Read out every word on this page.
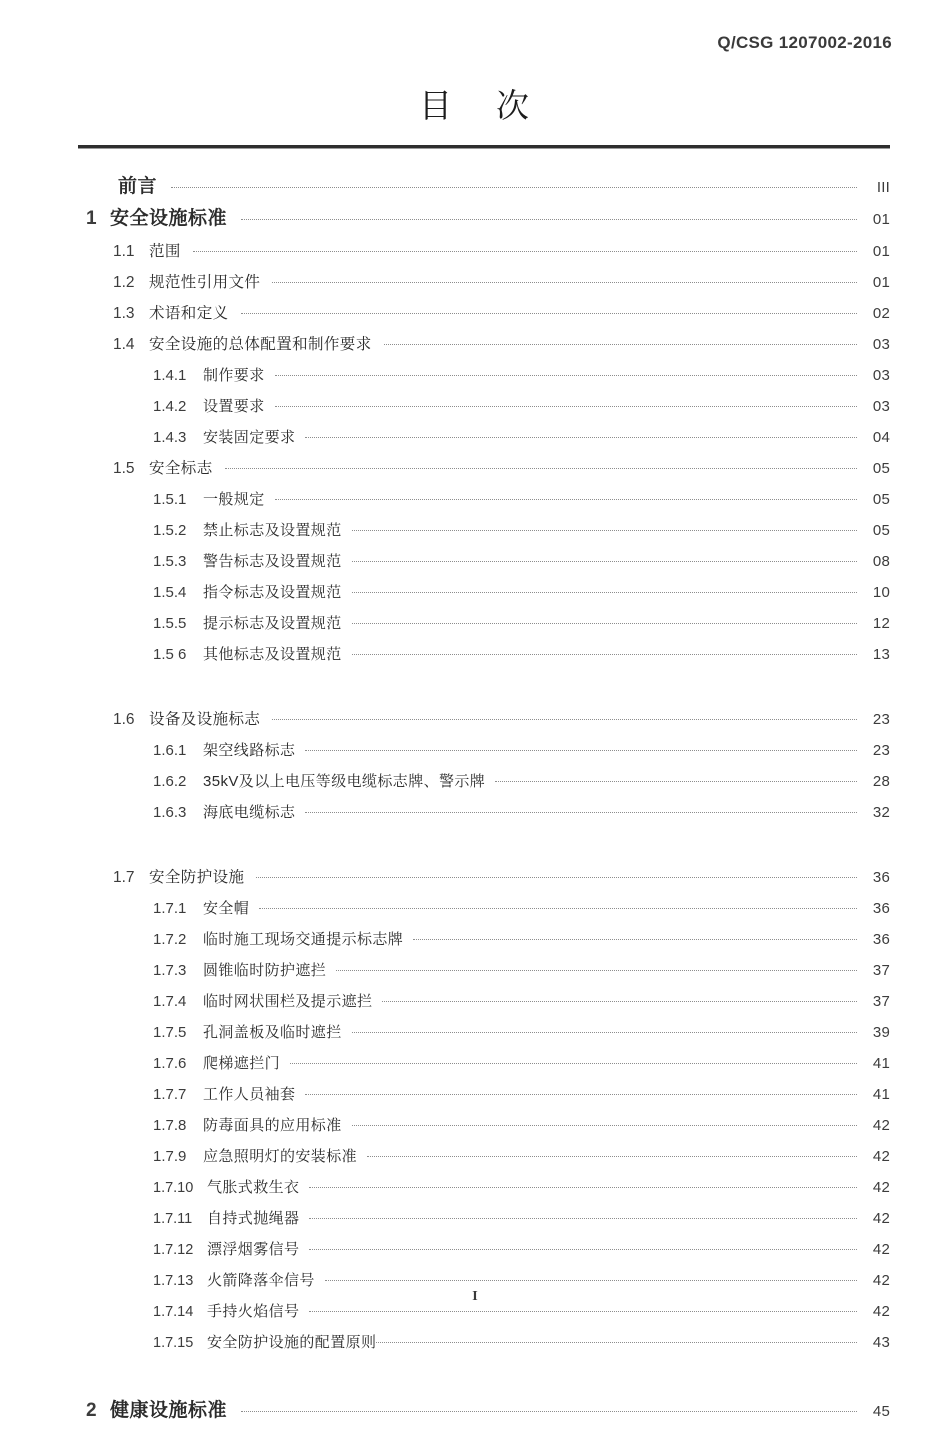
Q/CSG 1207002-2016
目 次
前言	III
1 安全设施标准	01
1.1 范围	01
1.2 规范性引用文件	01
1.3 术语和定义	02
1.4 安全设施的总体配置和制作要求	03
1.4.1	制作要求	03
1.4.2	设置要求	03
1.4.3	安装固定要求	04
1.5 安全标志	05
1.5.1	一般规定	05
1.5.2	禁止标志及设置规范	05
1.5.3	警告标志及设置规范	08
1.5.4	指令标志及设置规范	10
1.5.5	提示标志及设置规范	12
1.5 6	其他标志及设置规范	13
1.6 设备及设施标志	23
1.6.1	架空线路标志	23
1.6.2	35kV及以上电压等级电缆标志牌、警示牌	28
1.6.3	海底电缆标志	32
1.7 安全防护设施	36
1.7.1	安全帽	36
1.7.2	临时施工现场交通提示标志牌	36
1.7.3	圆锥临时防护遮拦	37
1.7.4	临时网状围栏及提示遮拦	37
1.7.5	孔洞盖板及临时遮拦	39
1.7.6	爬梯遮拦门	41
1.7.7	工作人员袖套	41
1.7.8	防毒面具的应用标准	42
1.7.9	应急照明灯的安装标准	42
1.7.10 气胀式救生衣	42
1.7.11 自持式抛绳器	42
1.7.12 漂浮烟雾信号	42
1.7.13 火箭降落伞信号	42
1.7.14 手持火焰信号	42
1.7.15 安全防护设施的配置原则	43
2 健康设施标准	45
I
